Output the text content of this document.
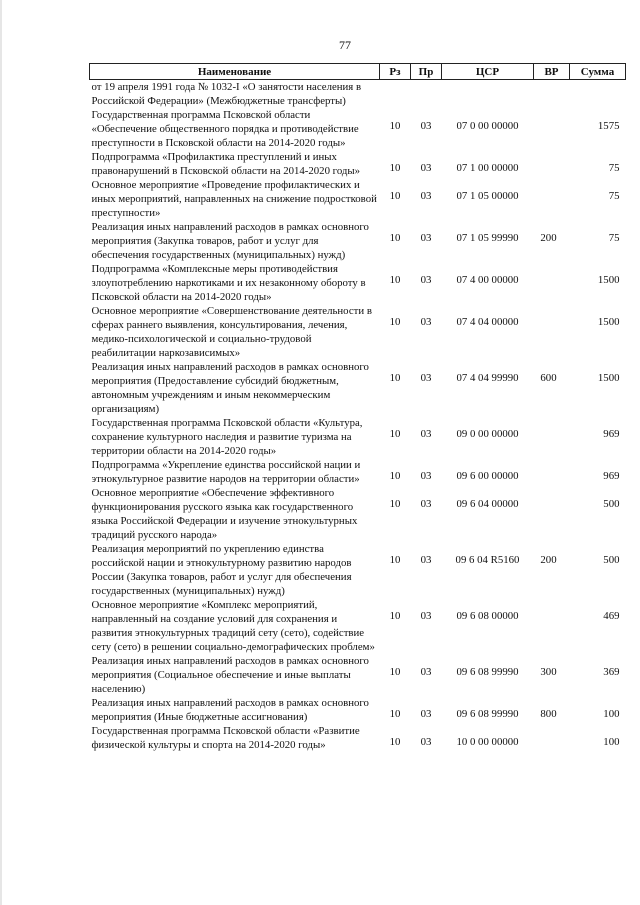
77
Наименование	Рз	Пр	ЦСР	ВР	Сумма
от 19 апреля 1991 года № 1032-I «О занятости населения в Российской Федерации» (Межбюджетные трансферты)					
Государственная программа Псковской области «Обеспечение общественного порядка и противодействие преступности в Псковской области на 2014-2020 годы»	10	03	07 0 00 00000		1575
Подпрограмма «Профилактика преступлений и иных правонарушений в Псковской области на 2014-2020 годы»	10	03	07 1 00 00000		75
Основное мероприятие «Проведение профилактических и иных мероприятий, направленных на снижение подростковой преступности»	10	03	07 1 05 00000		75
Реализация иных направлений расходов в рамках основного мероприятия (Закупка товаров, работ и услуг для обеспечения государственных (муниципальных) нужд)	10	03	07 1 05 99990	200	75
Подпрограмма «Комплексные меры противодействия злоупотреблению наркотиками и их незаконному обороту в Псковской области на 2014-2020 годы»	10	03	07 4 00 00000		1500
Основное мероприятие «Совершенствование деятельности в сферах раннего выявления, консультирования, лечения, медико-психологической и социально-трудовой реабилитации наркозависимых»	10	03	07 4 04 00000		1500
Реализация иных направлений расходов в рамках основного мероприятия (Предоставление субсидий бюджетным, автономным учреждениям и иным некоммерческим организациям)	10	03	07 4 04 99990	600	1500
Государственная программа Псковской области «Культура, сохранение культурного наследия и развитие туризма на территории области на 2014-2020 годы»	10	03	09 0 00 00000		969
Подпрограмма «Укрепление единства российской нации и этнокультурное развитие народов на территории области»	10	03	09 6 00 00000		969
Основное мероприятие «Обеспечение эффективного функционирования русского языка как государственного языка Российской Федерации и изучение этнокультурных традиций русского народа»	10	03	09 6 04 00000		500
Реализация мероприятий по укреплению единства российской нации и этнокультурному развитию народов России (Закупка товаров, работ и услуг для обеспечения государственных (муниципальных) нужд)	10	03	09 6 04 R5160	200	500
Основное мероприятие «Комплекс мероприятий, направленный на создание условий для сохранения и развития этнокультурных традиций сету (сето), содействие сету (сето) в решении социально-демографических проблем»	10	03	09 6 08 00000		469
Реализация иных направлений расходов в рамках основного мероприятия (Социальное обеспечение и иные выплаты населению)	10	03	09 6 08 99990	300	369
Реализация иных направлений расходов в рамках основного мероприятия (Иные бюджетные ассигнования)	10	03	09 6 08 99990	800	100
Государственная программа Псковской области «Развитие физической культуры и спорта на 2014-2020 годы»	10	03	10 0 00 00000		100
